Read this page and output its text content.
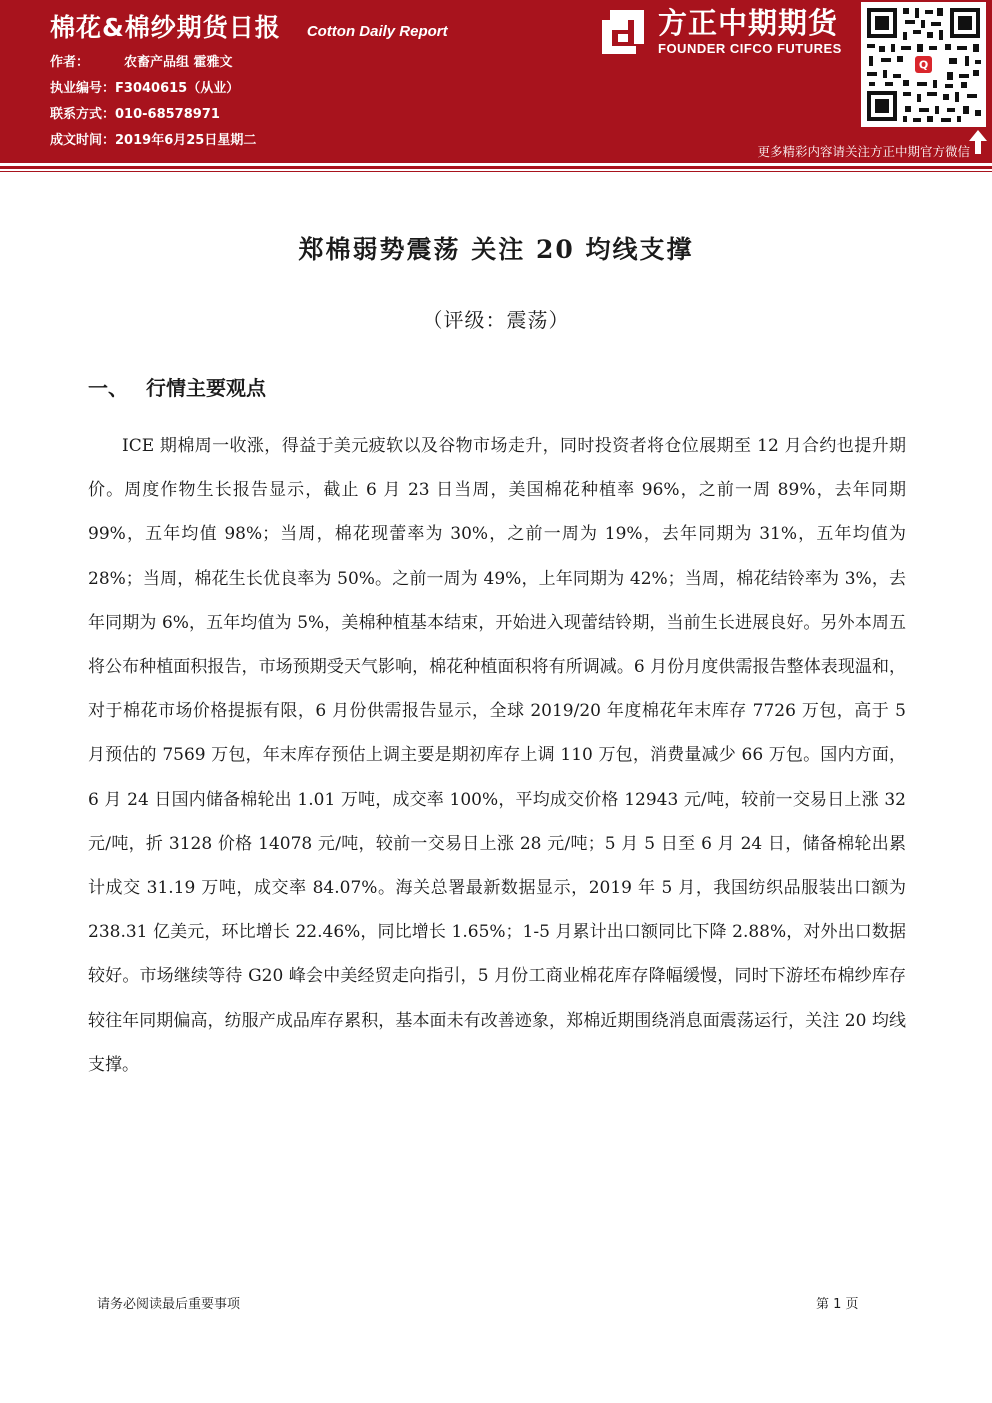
棉花&棉纱期货日报 Cotton Daily Report
作者：	农畜产品组 霍雅文
执业编号： F3040615（从业）
联系方式： 010-68578971
成文时间： 2019年6月25日星期二
方正中期期货
FOUNDER CIFCO FUTURES
Q
更多精彩内容请关注方正中期官方微信
郑棉弱势震荡 关注 20 均线支撑
（评级：震荡）
一、 行情主要观点

ICE 期棉周一收涨，得益于美元疲软以及谷物市场走升，同时投资者将仓位展期至 12 月合约也提升期价。周度作物生长报告显示，截止 6 月 23 日当周，美国棉花种植率 96%，之前一周 89%，去年同期 99%，五年均值 98%；当周，棉花现蕾率为 30%，之前一周为 19%，去年同期为 31%，五年均值为 28%；当周，棉花生长优良率为 50%。之前一周为 49%，上年同期为 42%；当周，棉花结铃率为 3%，去年同期为 6%，五年均值为 5%，美棉种植基本结束，开始进入现蕾结铃期，当前生长进展良好。另外本周五将公布种植面积报告，市场预期受天气影响，棉花种植面积将有所调减。6 月份月度供需报告整体表现温和，对于棉花市场价格提振有限，6 月份供需报告显示，全球 2019/20 年度棉花年末库存 7726 万包，高于 5 月预估的 7569 万包，年末库存预估上调主要是期初库存上调 110 万包，消费量减少 66 万包。国内方面，6 月 24 日国内储备棉轮出 1.01 万吨，成交率 100%，平均成交价格 12943 元/吨，较前一交易日上涨 32 元/吨，折 3128 价格 14078 元/吨，较前一交易日上涨 28 元/吨；5 月 5 日至 6 月 24 日，储备棉轮出累计成交 31.19 万吨，成交率 84.07%。海关总署最新数据显示，2019 年 5 月，我国纺织品服装出口额为 238.31 亿美元，环比增长 22.46%，同比增长 1.65%；1-5 月累计出口额同比下降 2.88%，对外出口数据较好。市场继续等待 G20 峰会中美经贸走向指引，5 月份工商业棉花库存降幅缓慢，同时下游坯布棉纱库存较往年同期偏高，纺服产成品库存累积，基本面未有改善迹象，郑棉近期围绕消息面震荡运行，关注 20 均线支撑。

请务必阅读最后重要事项	第 1 页
